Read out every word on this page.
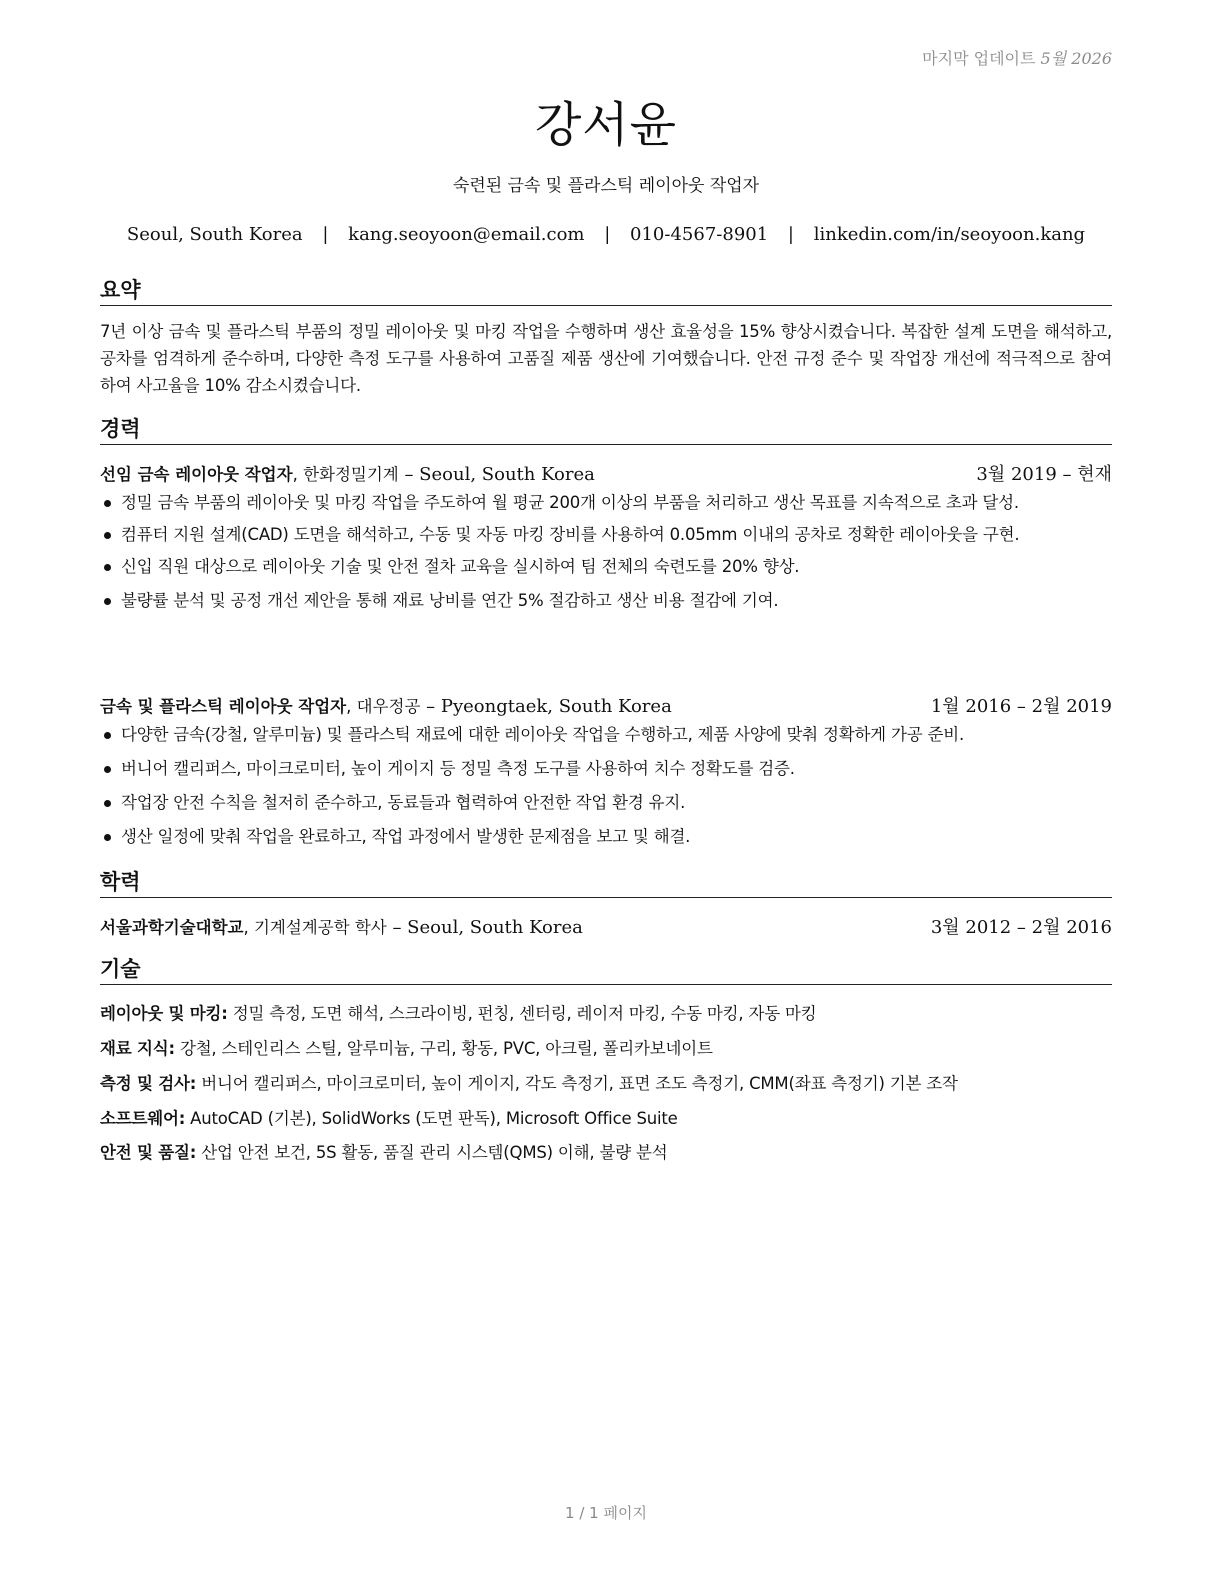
마지막 업데이트 5월 2026
강서윤
숙련된 금속 및 플라스틱 레이아웃 작업자
Seoul, South Korea | kang.seoyoon@email.com | 010-4567-8901 | linkedin.com/in/seoyoon.kang
요약
7년 이상 금속 및 플라스틱 부품의 정밀 레이아웃 및 마킹 작업을 수행하며 생산 효율성을 15% 향상시켰습니다. 복잡한 설계 도면을 해석하고, 공차를 엄격하게 준수하며, 다양한 측정 도구를 사용하여 고품질 제품 생산에 기여했습니다. 안전 규정 준수 및 작업장 개선에 적극적으로 참여하여 사고율을 10% 감소시켰습니다.
경력
선임 금속 레이아웃 작업자, 한화정밀기계 – Seoul, South Korea	3월 2019 – 현재
정밀 금속 부품의 레이아웃 및 마킹 작업을 주도하여 월 평균 200개 이상의 부품을 처리하고 생산 목표를 지속적으로 초과 달성.
컴퓨터 지원 설계(CAD) 도면을 해석하고, 수동 및 자동 마킹 장비를 사용하여 0.05mm 이내의 공차로 정확한 레이아웃을 구현.
신입 직원 대상으로 레이아웃 기술 및 안전 절차 교육을 실시하여 팀 전체의 숙련도를 20% 향상.
불량률 분석 및 공정 개선 제안을 통해 재료 낭비를 연간 5% 절감하고 생산 비용 절감에 기여.
금속 및 플라스틱 레이아웃 작업자, 대우정공 – Pyeongtaek, South Korea	1월 2016 – 2월 2019
다양한 금속(강철, 알루미늄) 및 플라스틱 재료에 대한 레이아웃 작업을 수행하고, 제품 사양에 맞춰 정확하게 가공 준비.
버니어 캘리퍼스, 마이크로미터, 높이 게이지 등 정밀 측정 도구를 사용하여 치수 정확도를 검증.
작업장 안전 수칙을 철저히 준수하고, 동료들과 협력하여 안전한 작업 환경 유지.
생산 일정에 맞춰 작업을 완료하고, 작업 과정에서 발생한 문제점을 보고 및 해결.
학력
서울과학기술대학교, 기계설계공학 학사 – Seoul, South Korea	3월 2012 – 2월 2016
기술
레이아웃 및 마킹: 정밀 측정, 도면 해석, 스크라이빙, 펀칭, 센터링, 레이저 마킹, 수동 마킹, 자동 마킹
재료 지식: 강철, 스테인리스 스틸, 알루미늄, 구리, 황동, PVC, 아크릴, 폴리카보네이트
측정 및 검사: 버니어 캘리퍼스, 마이크로미터, 높이 게이지, 각도 측정기, 표면 조도 측정기, CMM(좌표 측정기) 기본 조작
소프트웨어: AutoCAD (기본), SolidWorks (도면 판독), Microsoft Office Suite
안전 및 품질: 산업 안전 보건, 5S 활동, 품질 관리 시스템(QMS) 이해, 불량 분석
1 / 1 페이지
